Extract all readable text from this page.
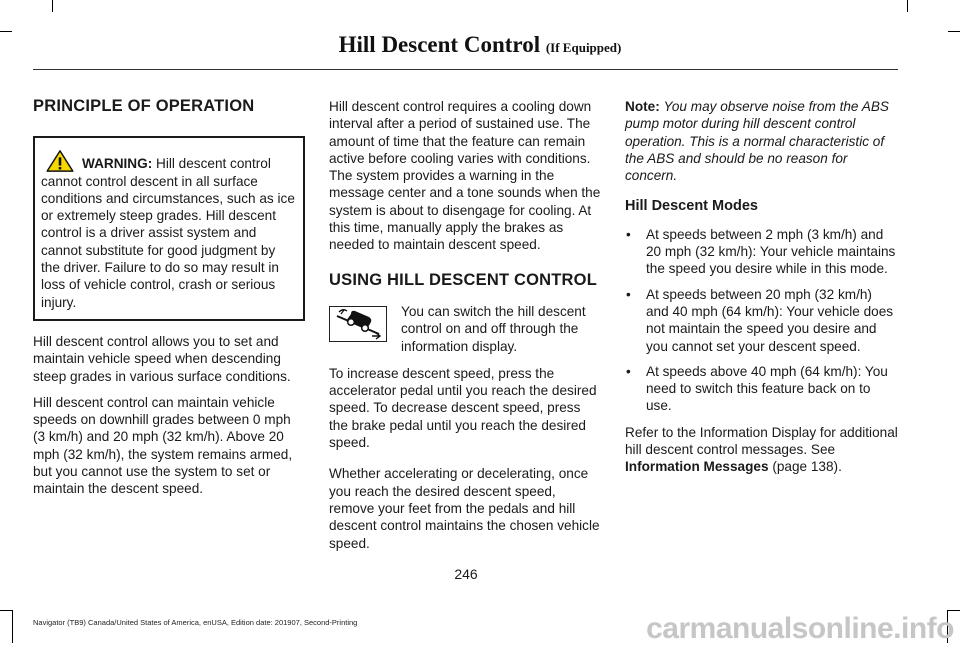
Hill Descent Control (If Equipped)
PRINCIPLE OF OPERATION
WARNING: Hill descent control cannot control descent in all surface conditions and circumstances, such as ice or extremely steep grades. Hill descent control is a driver assist system and cannot substitute for good judgment by the driver. Failure to do so may result in loss of vehicle control, crash or serious injury.

Hill descent control allows you to set and maintain vehicle speed when descending steep grades in various surface conditions.

Hill descent control can maintain vehicle speeds on downhill grades between 0 mph (3 km/h) and 20 mph (32 km/h). Above 20 mph (32 km/h), the system remains armed, but you cannot use the system to set or maintain the descent speed.

Hill descent control requires a cooling down interval after a period of sustained use. The amount of time that the feature can remain active before cooling varies with conditions. The system provides a warning in the message center and a tone sounds when the system is about to disengage for cooling. At this time, manually apply the brakes as needed to maintain descent speed.

USING HILL DESCENT CONTROL

You can switch the hill descent control on and off through the information display.

To increase descent speed, press the accelerator pedal until you reach the desired speed. To decrease descent speed, press the brake pedal until you reach the desired speed.

Whether accelerating or decelerating, once you reach the desired descent speed, remove your feet from the pedals and hill descent control maintains the chosen vehicle speed.

Note: You may observe noise from the ABS pump motor during hill descent control operation. This is a normal characteristic of the ABS and should be no reason for concern.

Hill Descent Modes
• At speeds between 2 mph (3 km/h) and 20 mph (32 km/h): Your vehicle maintains the speed you desire while in this mode.
• At speeds between 20 mph (32 km/h) and 40 mph (64 km/h): Your vehicle does not maintain the speed you desire and you cannot set your descent speed.
• At speeds above 40 mph (64 km/h): You need to switch this feature back on to use.

Refer to the Information Display for additional hill descent control messages. See Information Messages (page 138).

246
Navigator (TB9) Canada/United States of America, enUSA, Edition date: 201907, Second-Printing	carmanualsonline.info
